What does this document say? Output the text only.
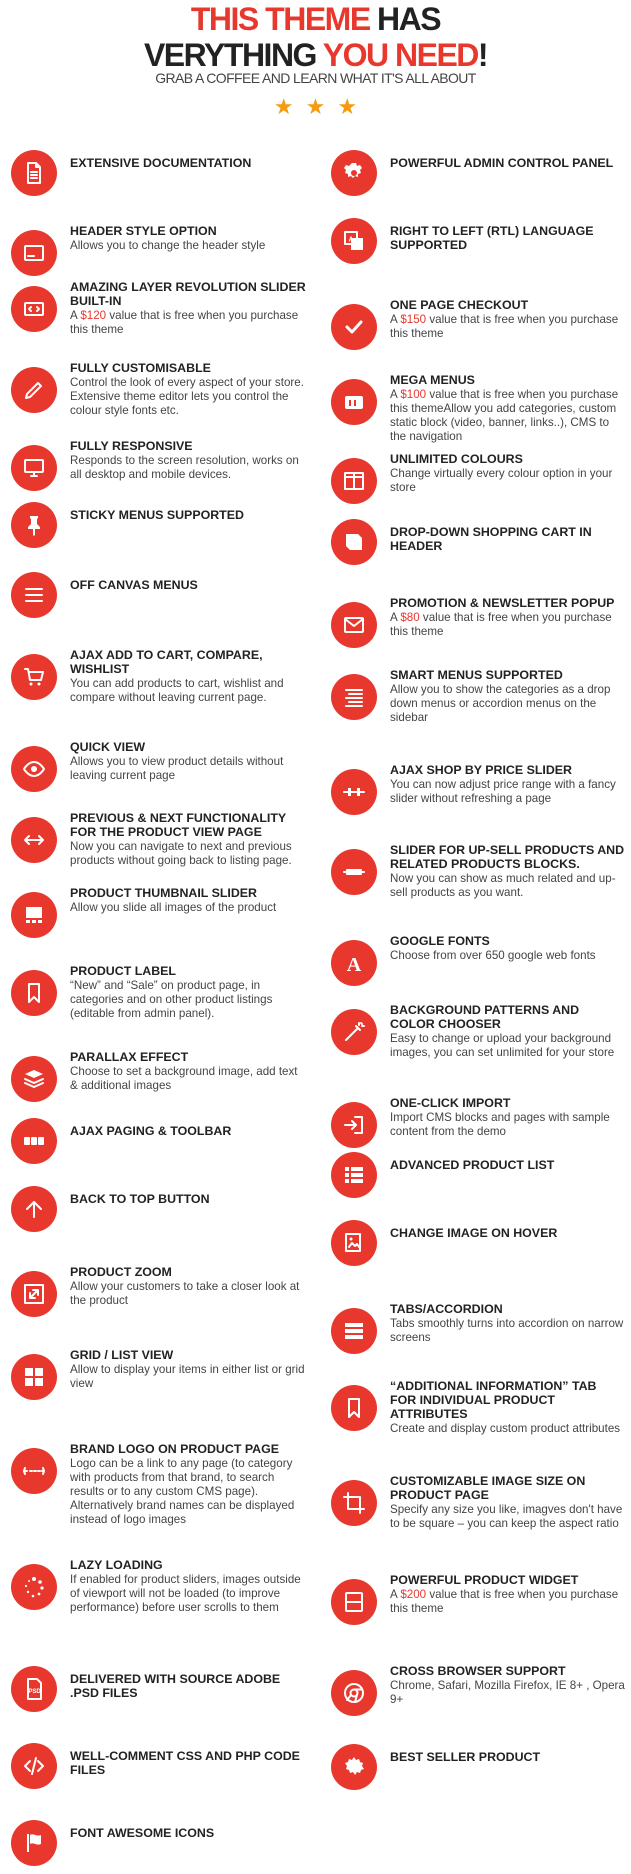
THIS THEME HAS
VERYTHING YOU NEED!
GRAB A COFFEE AND LEARN WHAT IT'S ALL ABOUT
★ ★ ★
EXTENSIVE DOCUMENTATION
HEADER STYLE OPTION
Allows you to change the header style
AMAZING LAYER REVOLUTION SLIDER BUILT-IN
A $120 value that is free when you purchase this theme
FULLY CUSTOMISABLE
Control the look of every aspect of your store. Extensive theme editor lets you control the colour style fonts etc.
FULLY RESPONSIVE
Responds to the screen resolution, works on all desktop and mobile devices.
STICKY MENUS SUPPORTED
OFF CANVAS MENUS
AJAX ADD TO CART, COMPARE, WISHLIST
You can add products to cart, wishlist and compare without leaving current page.
QUICK VIEW
Allows you to view product details without leaving current page
PREVIOUS & NEXT FUNCTIONALITY FOR THE PRODUCT VIEW PAGE
Now you can navigate to next and previous products without going back to listing page.
PRODUCT THUMBNAIL SLIDER
Allow you slide all images of the product
PRODUCT LABEL
“New” and “Sale” on product page, in categories and on other product listings (editable from admin panel).
PARALLAX EFFECT
Choose to set a background image, add text & additional images
AJAX PAGING & TOOLBAR
BACK TO TOP BUTTON
PRODUCT ZOOM
Allow your customers to take a closer look at the product
GRID / LIST VIEW
Allow to display your items in either list or grid view
BRAND LOGO ON PRODUCT PAGE
Logo can be a link to any page (to category with products from that brand, to search results or to any custom CMS page). Alternatively brand names can be displayed instead of logo images
LAZY LOADING
If enabled for product sliders, images outside of viewport will not be loaded (to improve performance) before user scrolls to them
PSD
DELIVERED WITH SOURCE ADOBE .PSD FILES
WELL-COMMENT CSS AND PHP CODE FILES
FONT AWESOME ICONS
POWERFUL ADMIN CONTROL PANEL
A
RIGHT TO LEFT (RTL) LANGUAGE SUPPORTED
ONE PAGE CHECKOUT
A $150 value that is free when you purchase this theme
MEGA MENUS
A $100 value that is free when you purchase this themeAllow you add categories, custom static block (video, banner, links..), CMS to the navigation
UNLIMITED COLOURS
Change virtually every colour option in your store
DROP-DOWN SHOPPING CART IN HEADER
PROMOTION & NEWSLETTER POPUP
A $80 value that is free when you purchase this theme
SMART MENUS SUPPORTED
Allow you to show the categories as a drop down menus or accordion menus on the sidebar
AJAX SHOP BY PRICE SLIDER
You can now adjust price range with a fancy slider without refreshing a page
SLIDER FOR UP-SELL PRODUCTS AND RELATED PRODUCTS BLOCKS.
Now you can show as much related and up-sell products as you want.
A
GOOGLE FONTS
Choose from over 650 google web fonts
BACKGROUND PATTERNS AND COLOR CHOOSER
Easy to change or upload your background images, you can set unlimited for your store
ONE-CLICK IMPORT
Import CMS blocks and pages with sample content from the demo
ADVANCED PRODUCT LIST
CHANGE IMAGE ON HOVER
TABS/ACCORDION
Tabs smoothly turns into accordion on narrow screens
“ADDITIONAL INFORMATION” TAB FOR INDIVIDUAL PRODUCT ATTRIBUTES
Create and display custom product attributes
CUSTOMIZABLE IMAGE SIZE ON PRODUCT PAGE
Specify any size you like, imagves don't have to be square – you can keep the aspect ratio
POWERFUL PRODUCT WIDGET
A $200 value that is free when you purchase this theme
CROSS BROWSER SUPPORT
Chrome, Safari, Mozilla Firefox, IE 8+ , Opera 9+
BEST SELLER PRODUCT
